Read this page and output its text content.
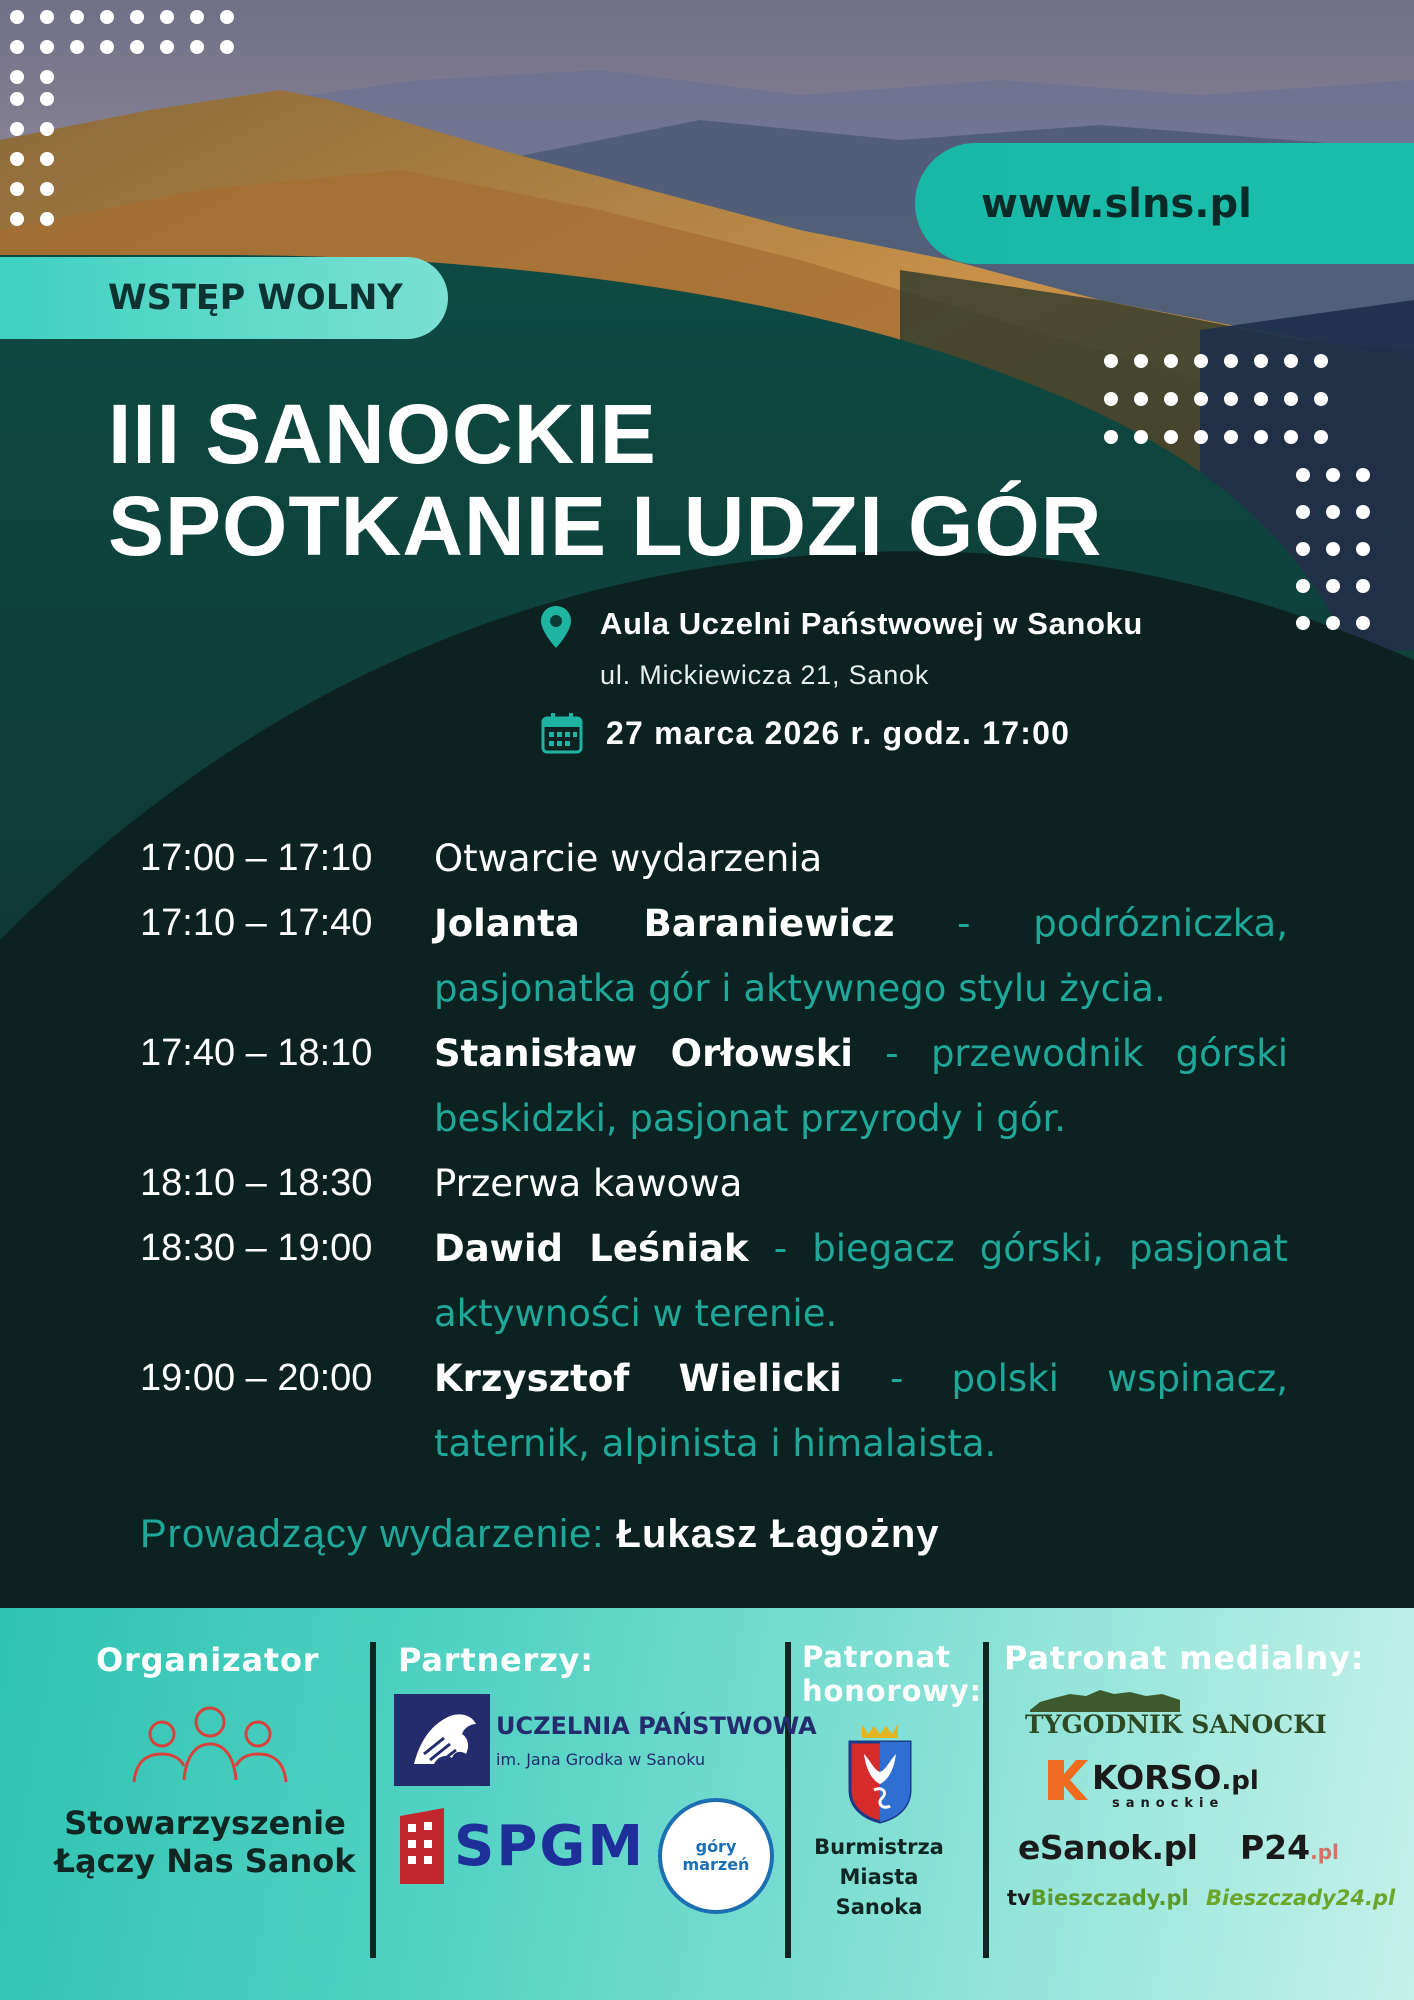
www.slns.pl
WSTĘP WOLNY
III SANOCKIE
SPOTKANIE LUDZI GÓR
Aula Uczelni Państwowej w Sanoku
ul. Mickiewicza 21, Sanok
27 marca 2026 r. godz. 17:00
17:00 – 17:10	Otwarcie wydarzenia
17:10 – 17:40	Jolanta Baraniewicz - podrózniczka, pasjonatka gór i aktywnego stylu życia.
17:40 – 18:10	Stanisław Orłowski - przewodnik górski beskidzki, pasjonat przyrody i gór.
18:10 – 18:30	Przerwa kawowa
18:30 – 19:00	Dawid Leśniak - biegacz górski, pasjonat aktywności w terenie.
19:00 – 20:00	Krzysztof Wielicki - polski wspinacz, taternik, alpinista i himalaista.
Prowadzący wydarzenie: Łukasz Łagożny
Organizator
Stowarzyszenie
Łączy Nas Sanok
Partnerzy:
UCZELNIA PAŃSTWOWA
im. Jana Grodka w Sanoku
SPGM	góry marzeń
Patronat
honorowy:
Burmistrza
Miasta
Sanoka
Patronat medialny:
TYGODNIK SANOCKI
KORSO.pl
sanockie
eSanok.pl P24.pl
tvBieszczady.pl Bieszczady24.pl
